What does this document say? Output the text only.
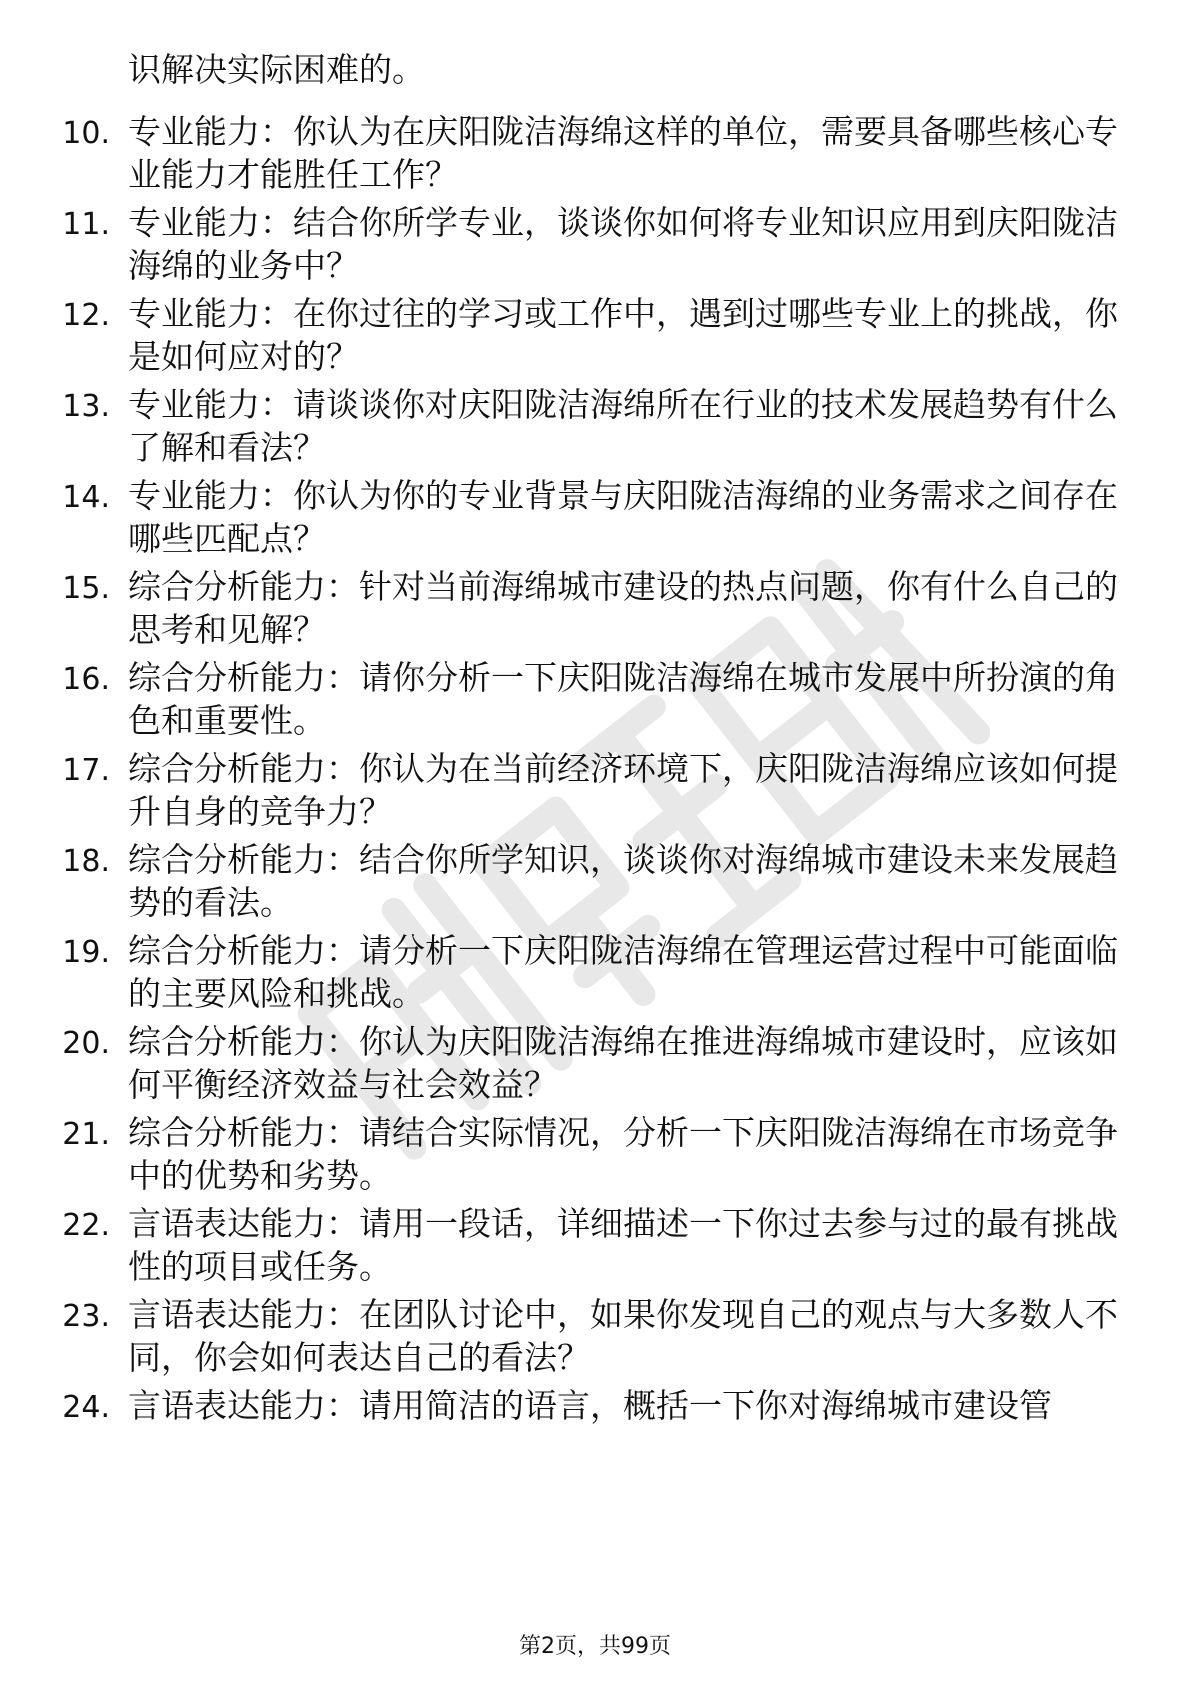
识解决实际困难的。

10. 专业能力：你认为在庆阳陇洁海绵这样的单位，需要具备哪些核心专业能力才能胜任工作？

11. 专业能力：结合你所学专业，谈谈你如何将专业知识应用到庆阳陇洁海绵的业务中？

12. 专业能力：在你过往的学习或工作中，遇到过哪些专业上的挑战，你是如何应对的？

13. 专业能力：请谈谈你对庆阳陇洁海绵所在行业的技术发展趋势有什么了解和看法？

14. 专业能力：你认为你的专业背景与庆阳陇洁海绵的业务需求之间存在哪些匹配点？

15. 综合分析能力：针对当前海绵城市建设的热点问题，你有什么自己的思考和见解？

16. 综合分析能力：请你分析一下庆阳陇洁海绵在城市发展中所扮演的角色和重要性。

17. 综合分析能力：你认为在当前经济环境下，庆阳陇洁海绵应该如何提升自身的竞争力？

18. 综合分析能力：结合你所学知识，谈谈你对海绵城市建设未来发展趋势的看法。

19. 综合分析能力：请分析一下庆阳陇洁海绵在管理运营过程中可能面临的主要风险和挑战。

20. 综合分析能力：你认为庆阳陇洁海绵在推进海绵城市建设时，应该如何平衡经济效益与社会效益？

21. 综合分析能力：请结合实际情况，分析一下庆阳陇洁海绵在市场竞争中的优势和劣势。

22. 言语表达能力：请用一段话，详细描述一下你过去参与过的最有挑战性的项目或任务。

23. 言语表达能力：在团队讨论中，如果你发现自己的观点与大多数人不同，你会如何表达自己的看法？

24. 言语表达能力：请用简洁的语言，概括一下你对海绵城市建设管

第2页，共99页
